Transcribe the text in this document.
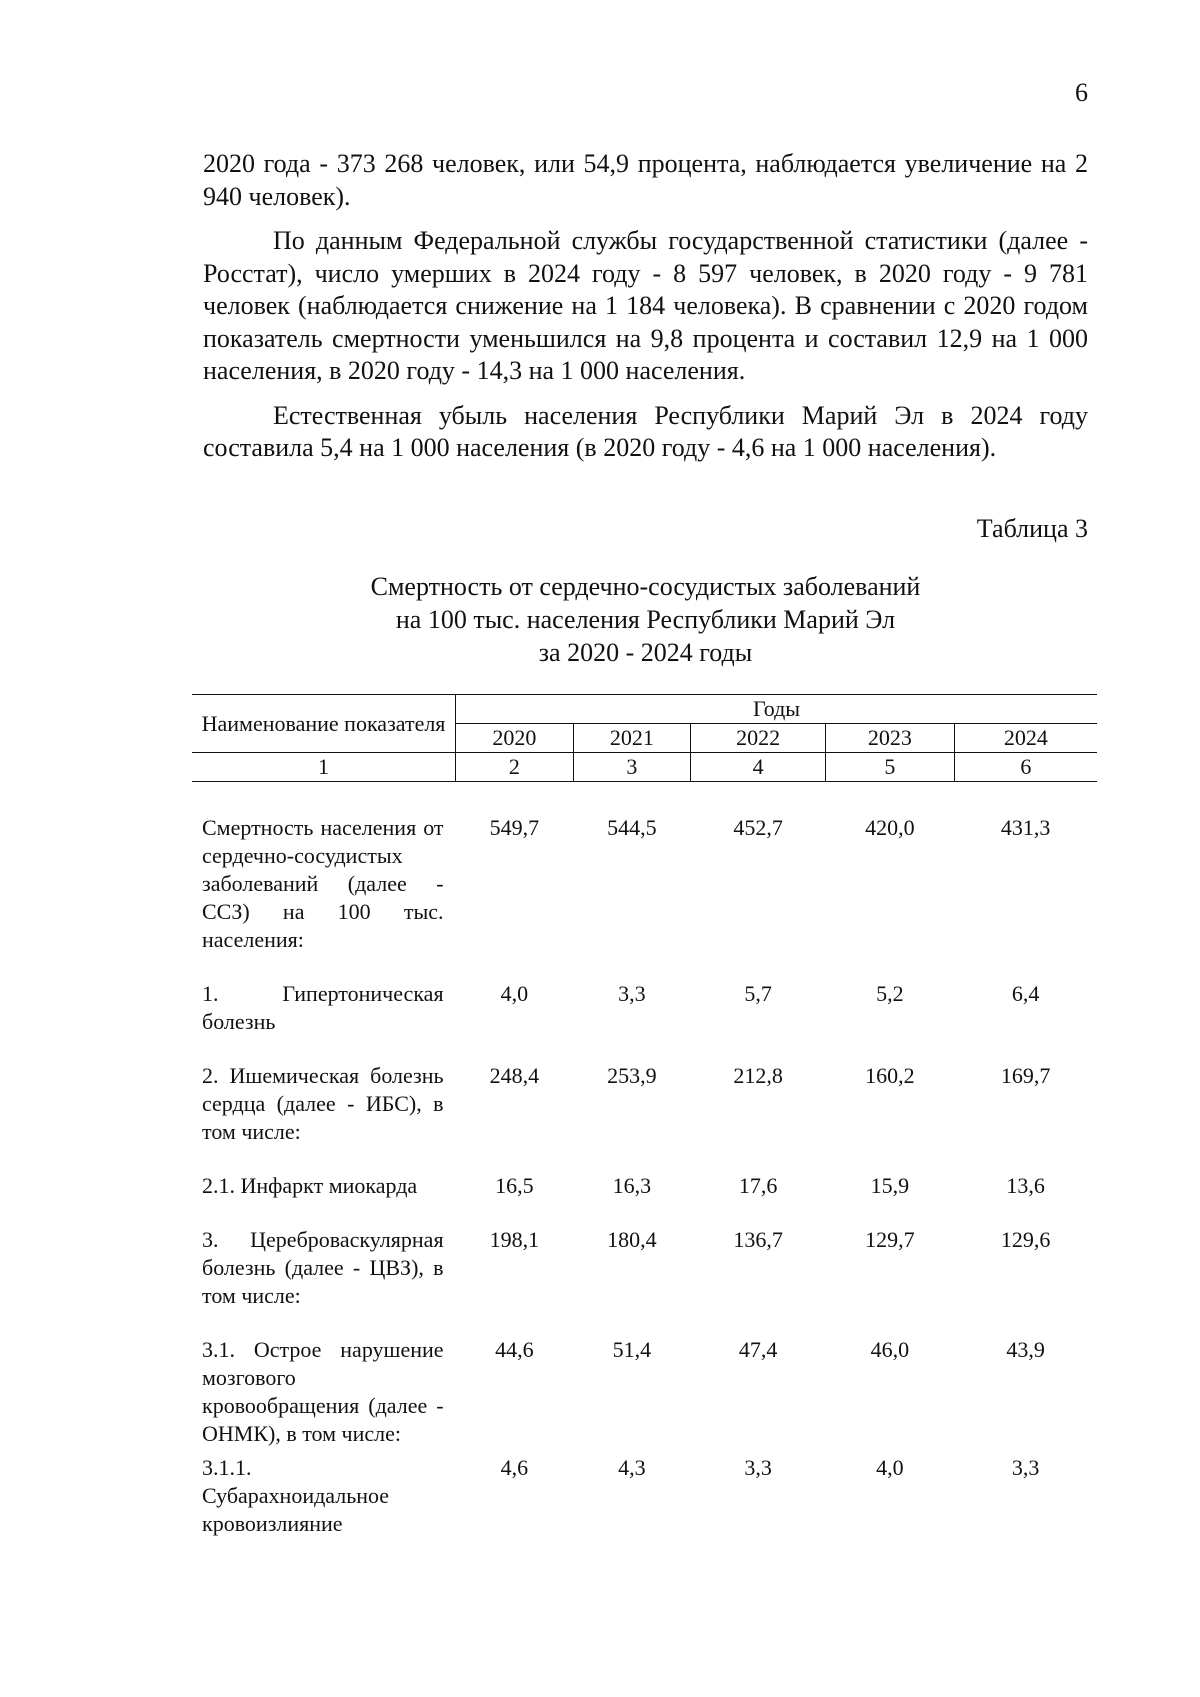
6

2020 года - 373 268 человек, или 54,9 процента, наблюдается увеличение на 2 940 человек).

По данным Федеральной службы государственной статистики (далее - Росстат), число умерших в 2024 году - 8 597 человек, в 2020 году - 9 781 человек (наблюдается снижение на 1 184 человека). В сравнении с 2020 годом показатель смертности уменьшился на 9,8 процента и составил 12,9 на 1 000 населения, в 2020 году - 14,3 на 1 000 населения.

Естественная убыль населения Республики Марий Эл в 2024 году составила 5,4 на 1 000 населения (в 2020 году - 4,6 на 1 000 населения).

Таблица 3
Смертность от сердечно-сосудистых заболеваний
на 100 тыс. населения Республики Марий Эл
за 2020 - 2024 годы
Наименование показателя	Годы				
	2020	2021	2022	2023	2024
1	2	3	4	5	6
Смертность населения от сердечно-сосудистых заболеваний (далее - ССЗ) на 100 тыс. населения:	549,7	544,5	452,7	420,0	431,3
1. Гипертоническая болезнь	4,0	3,3	5,7	5,2	6,4
2. Ишемическая болезнь сердца (далее - ИБС), в том числе:	248,4	253,9	212,8	160,2	169,7
2.1. Инфаркт миокарда	16,5	16,3	17,6	15,9	13,6
3. Цереброваскулярная болезнь (далее - ЦВЗ), в том числе:	198,1	180,4	136,7	129,7	129,6
3.1. Острое нарушение мозгового кровообращения (далее - ОНМК), в том числе:	44,6	51,4	47,4	46,0	43,9
3.1.1. Субарахноидальное кровоизлияние	4,6	4,3	3,3	4,0	3,3
